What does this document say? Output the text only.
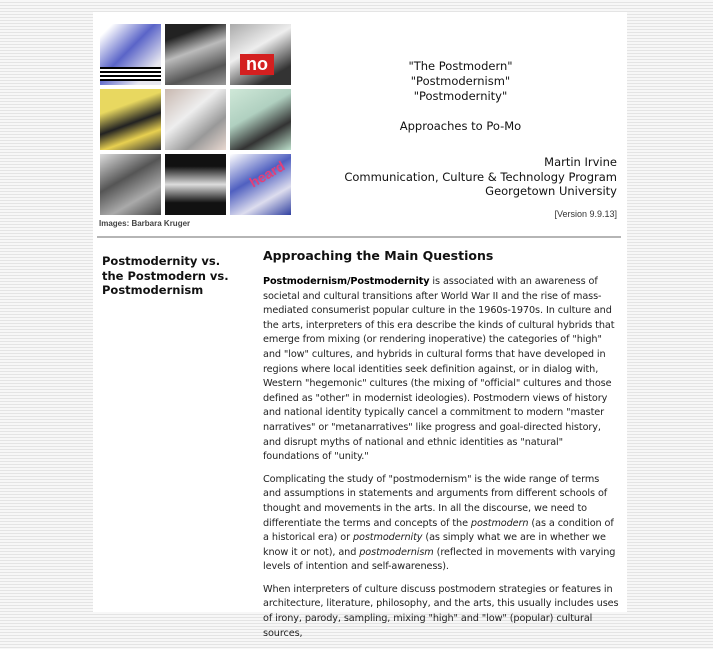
no
heard
Images: Barbara Kruger
"The Postmodern"
"Postmodernism"
"Postmodernity"
Approaches to Po-Mo
Martin Irvine
Communication, Culture & Technology Program
Georgetown University
[Version 9.9.13]
Postmodernity vs. the Postmodern vs. Postmodernism
Approaching the Main Questions

Postmodernism/Postmodernity is associated with an awareness of societal and cultural transitions after World War II and the rise of mass-mediated consumerist popular culture in the 1960s-1970s. In culture and the arts, interpreters of this era describe the kinds of cultural hybrids that emerge from mixing (or rendering inoperative) the categories of "high" and "low" cultures, and hybrids in cultural forms that have developed in regions where local identities seek definition against, or in dialog with, Western "hegemonic" cultures (the mixing of "official" cultures and those defined as "other" in modernist ideologies). Postmodern views of history and national identity typically cancel a commitment to modern "master narratives" or "metanarratives" like progress and goal-directed history, and disrupt myths of national and ethnic identities as "natural" foundations of "unity."

Complicating the study of "postmodernism" is the wide range of terms and assumptions in statements and arguments from different schools of thought and movements in the arts. In all the discourse, we need to differentiate the terms and concepts of the postmodern (as a condition of a historical era) or postmodernity (as simply what we are in whether we know it or not), and postmodernism (reflected in movements with varying levels of intention and self-awareness).

When interpreters of culture discuss postmodern strategies or features in architecture, literature, philosophy, and the arts, this usually includes uses of irony, parody, sampling, mixing "high" and "low" (popular) cultural sources,
